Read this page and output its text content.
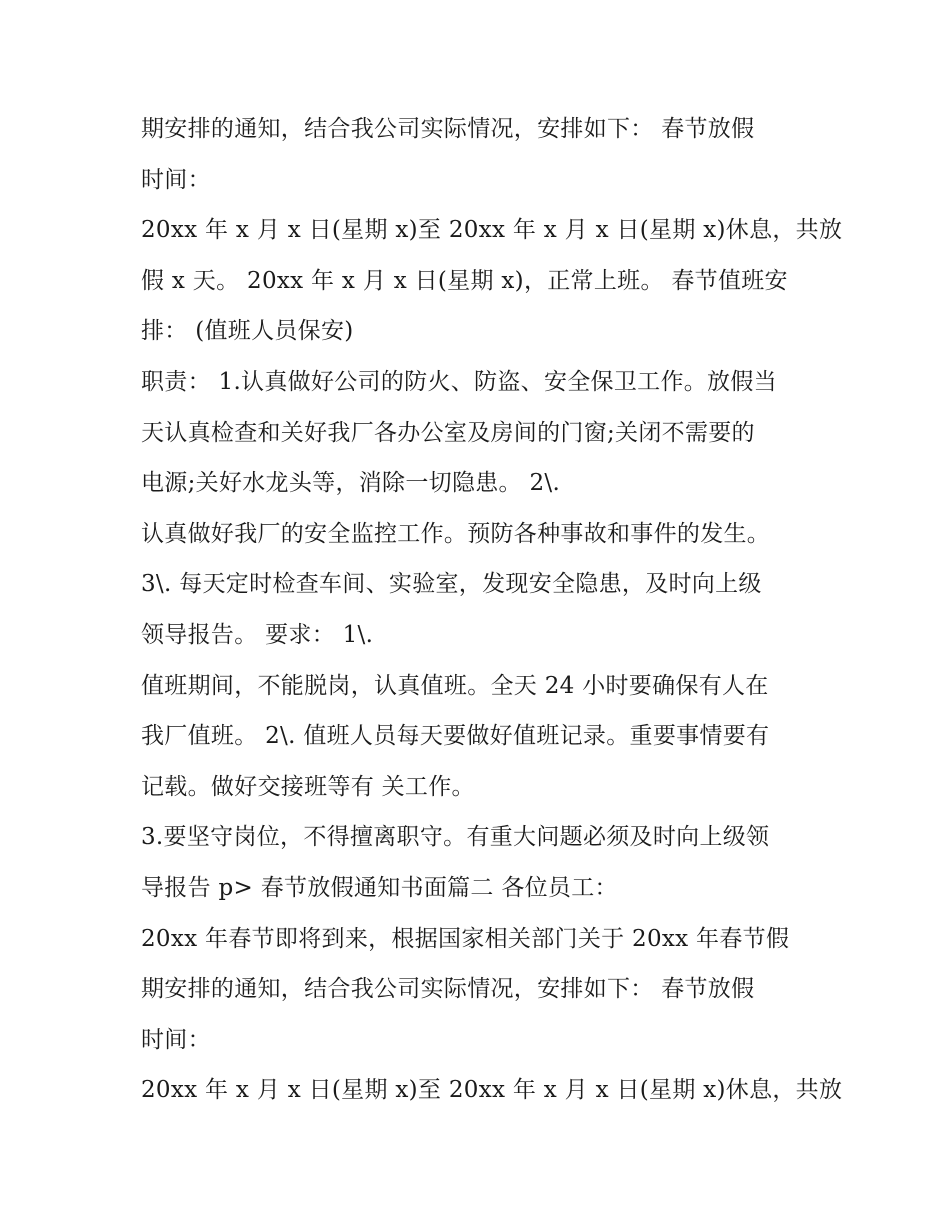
期安排的通知，结合我公司实际情况，安排如下： 春节放假
时间：
20xx 年 x 月 x 日(星期 x)至 20xx 年 x 月 x 日(星期 x)休息，共放
假 x 天。 20xx 年 x 月 x 日(星期 x)，正常上班。 春节值班安
排： (值班人员保安)
职责： 1.认真做好公司的防火、防盗、安全保卫工作。放假当
天认真检查和关好我厂各办公室及房间的门窗;关闭不需要的
电源;关好水龙头等，消除一切隐患。 2\.
认真做好我厂的安全监控工作。预防各种事故和事件的发生。
3\. 每天定时检查车间、实验室，发现安全隐患，及时向上级
领导报告。 要求： 1\.
值班期间，不能脱岗，认真值班。全天 24 小时要确保有人在
我厂值班。 2\. 值班人员每天要做好值班记录。重要事情要有
记载。做好交接班等有 关工作。
3.要坚守岗位，不得擅离职守。有重大问题必须及时向上级领
导报告 p> 春节放假通知书面篇二 各位员工：
20xx 年春节即将到来，根据国家相关部门关于 20xx 年春节假
期安排的通知，结合我公司实际情况，安排如下： 春节放假
时间：
20xx 年 x 月 x 日(星期 x)至 20xx 年 x 月 x 日(星期 x)休息，共放
